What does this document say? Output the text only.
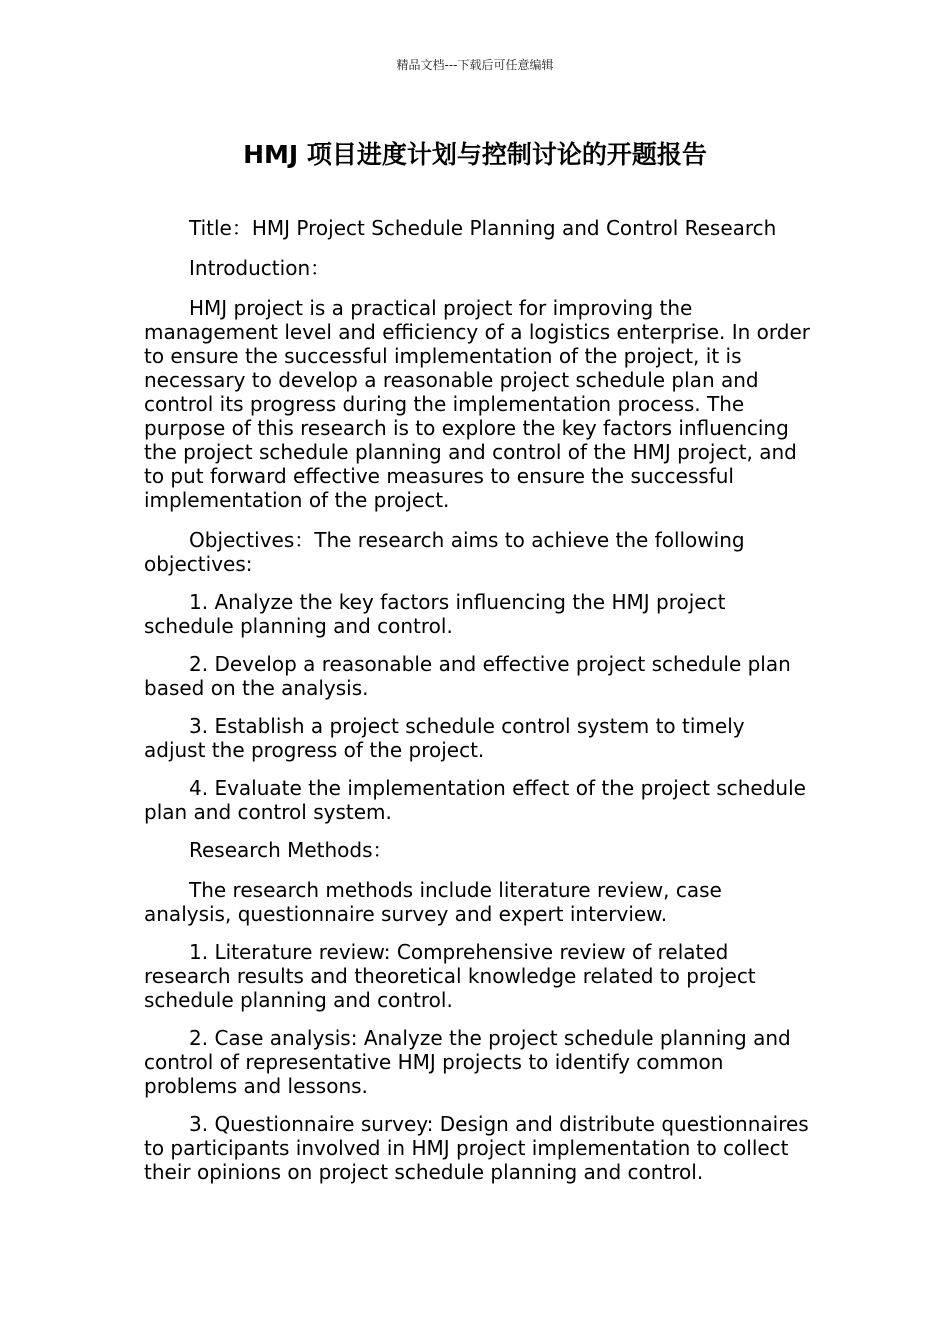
精品文档---下载后可任意编辑
HMJ 项目进度计划与控制讨论的开题报告

Title：HMJ Project Schedule Planning and Control Research

Introduction：

HMJ project is a practical project for improving the management level and efficiency of a logistics enterprise. In order to ensure the successful implementation of the project, it is necessary to develop a reasonable project schedule plan and control its progress during the implementation process. The purpose of this research is to explore the key factors influencing the project schedule planning and control of the HMJ project, and to put forward effective measures to ensure the successful implementation of the project.

Objectives：The research aims to achieve the following objectives:

1. Analyze the key factors influencing the HMJ project schedule planning and control.

2. Develop a reasonable and effective project schedule plan based on the analysis.

3. Establish a project schedule control system to timely adjust the progress of the project.

4. Evaluate the implementation effect of the project schedule plan and control system.

Research Methods：

The research methods include literature review, case analysis, questionnaire survey and expert interview.

1. Literature review: Comprehensive review of related research results and theoretical knowledge related to project schedule planning and control.

2. Case analysis: Analyze the project schedule planning and control of representative HMJ projects to identify common problems and lessons.

3. Questionnaire survey: Design and distribute questionnaires to participants involved in HMJ project implementation to collect their opinions on project schedule planning and control.
